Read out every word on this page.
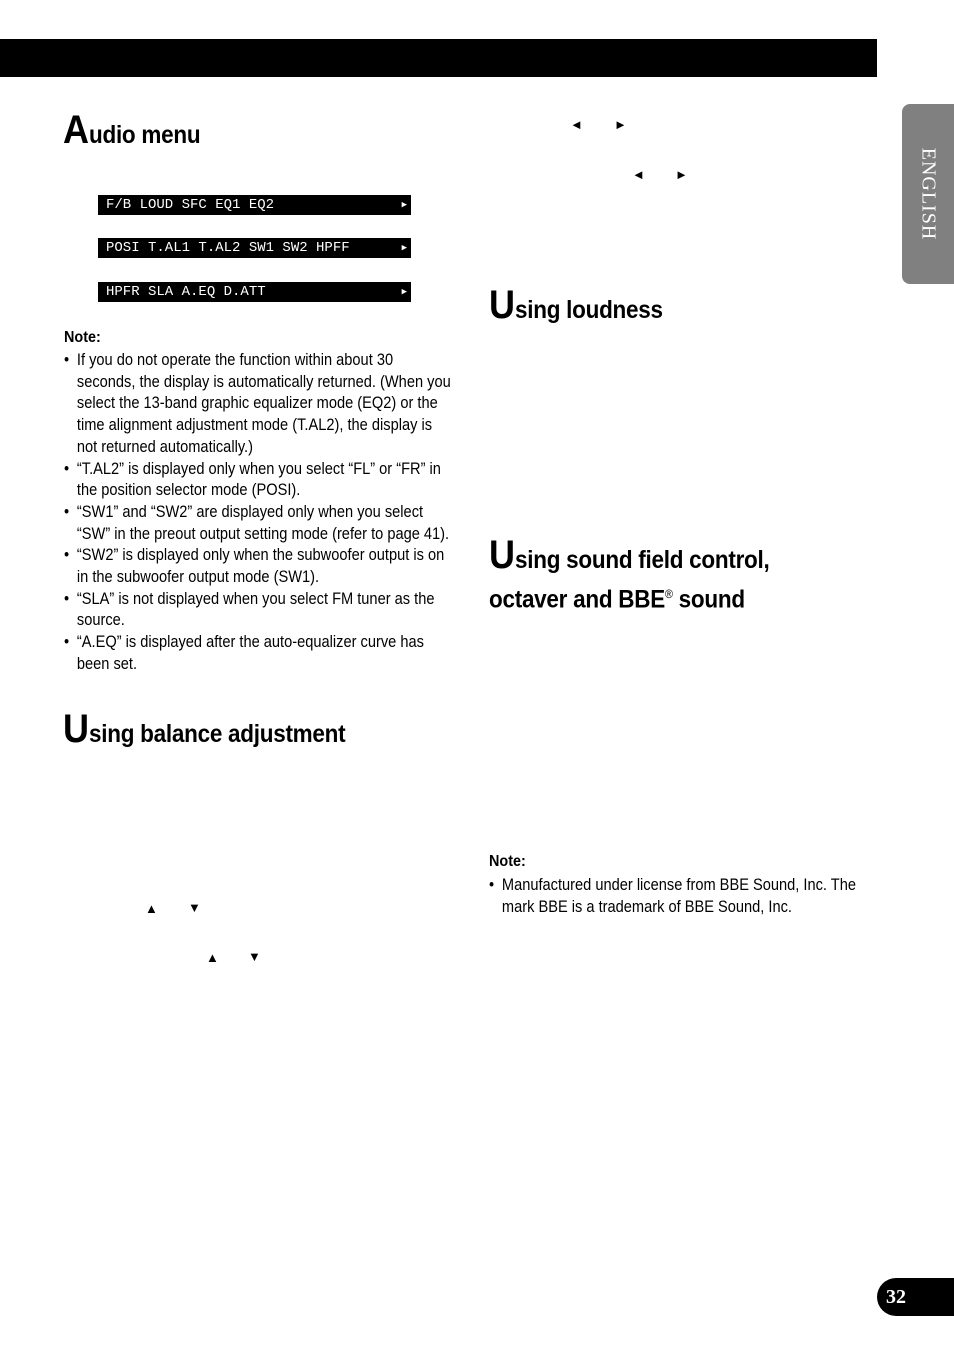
ENGLISH
Audio menu
F/B LOUD SFC EQ1 EQ2	▶
POSI T.AL1 T.AL2 SW1 SW2 HPFF	▶
HPFR SLA A.EQ D.ATT	▶
Note:
• If you do not operate the function within about 30 seconds, the display is automatically returned. (When you select the 13-band graphic equalizer mode (EQ2) or the time alignment adjustment mode (T.AL2), the display is not returned automatically.)
• “T.AL2” is displayed only when you select “FL” or “FR” in the position selector mode (POSI).
• “SW1” and “SW2” are displayed only when you select “SW” in the preout output setting mode (refer to page 41).
• “SW2” is displayed only when the subwoofer output is on in the subwoofer output mode (SW1).
• “SLA” is not displayed when you select FM tuner as the source.
• “A.EQ” is displayed after the auto-equalizer curve has been set.
Using balance adjustment
▲ ▼
▲ ▼
◄ ►
◄ ►
Using loudness
Using sound field control,
octaver and BBE® sound
Note:
• Manufactured under license from BBE Sound, Inc. The mark BBE is a trademark of BBE Sound, Inc.
32
